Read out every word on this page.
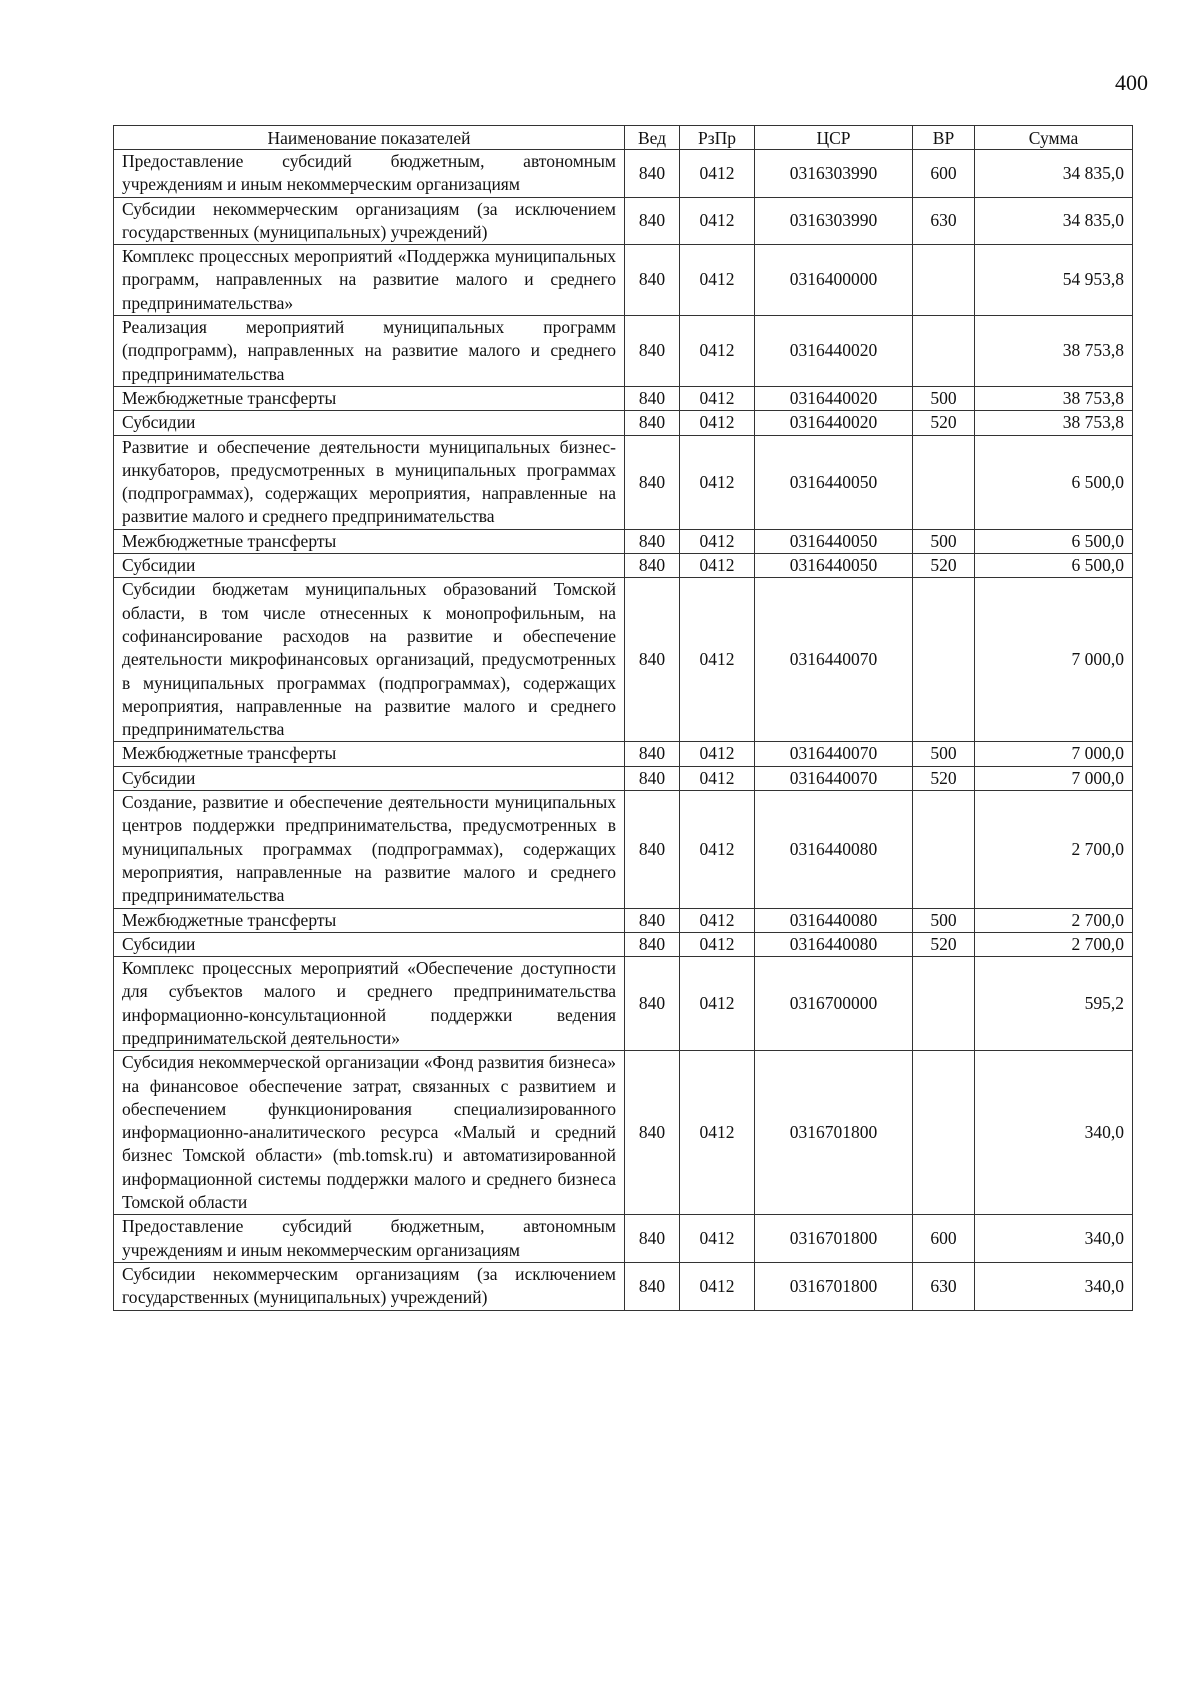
400
Наименование показателей	Вед	РзПр	ЦСР	ВР	Сумма
Предоставление субсидий бюджетным, автономным учреждениям и иным некоммерческим организациям	840	0412	0316303990	600	34 835,0
Субсидии некоммерческим организациям (за исключением государственных (муниципальных) учреждений)	840	0412	0316303990	630	34 835,0
Комплекс процессных мероприятий «Поддержка муниципальных программ, направленных на развитие малого и среднего предпринимательства»	840	0412	0316400000		54 953,8
Реализация мероприятий муниципальных программ (подпрограмм), направленных на развитие малого и среднего предпринимательства	840	0412	0316440020		38 753,8
Межбюджетные трансферты	840	0412	0316440020	500	38 753,8
Субсидии	840	0412	0316440020	520	38 753,8
Развитие и обеспечение деятельности муниципальных бизнес-инкубаторов, предусмотренных в муниципальных программах (подпрограммах), содержащих мероприятия, направленные на развитие малого и среднего предпринимательства	840	0412	0316440050		6 500,0
Межбюджетные трансферты	840	0412	0316440050	500	6 500,0
Субсидии	840	0412	0316440050	520	6 500,0
Субсидии бюджетам муниципальных образований Томской области, в том числе отнесенных к монопрофильным, на софинансирование расходов на развитие и обеспечение деятельности микрофинансовых организаций, предусмотренных в муниципальных программах (подпрограммах), содержащих мероприятия, направленные на развитие малого и среднего предпринимательства	840	0412	0316440070		7 000,0
Межбюджетные трансферты	840	0412	0316440070	500	7 000,0
Субсидии	840	0412	0316440070	520	7 000,0
Создание, развитие и обеспечение деятельности муниципальных центров поддержки предпринимательства, предусмотренных в муниципальных программах (подпрограммах), содержащих мероприятия, направленные на развитие малого и среднего предпринимательства	840	0412	0316440080		2 700,0
Межбюджетные трансферты	840	0412	0316440080	500	2 700,0
Субсидии	840	0412	0316440080	520	2 700,0
Комплекс процессных мероприятий «Обеспечение доступности для субъектов малого и среднего предпринимательства информационно-консультационной поддержки ведения предпринимательской деятельности»	840	0412	0316700000		595,2
Субсидия некоммерческой организации «Фонд развития бизнеса» на финансовое обеспечение затрат, связанных с развитием и обеспечением функционирования специализированного информационно-аналитического ресурса «Малый и средний бизнес Томской области» (mb.tomsk.ru) и автоматизированной информационной системы поддержки малого и среднего бизнеса Томской области	840	0412	0316701800		340,0
Предоставление субсидий бюджетным, автономным учреждениям и иным некоммерческим организациям	840	0412	0316701800	600	340,0
Субсидии некоммерческим организациям (за исключением государственных (муниципальных) учреждений)	840	0412	0316701800	630	340,0
